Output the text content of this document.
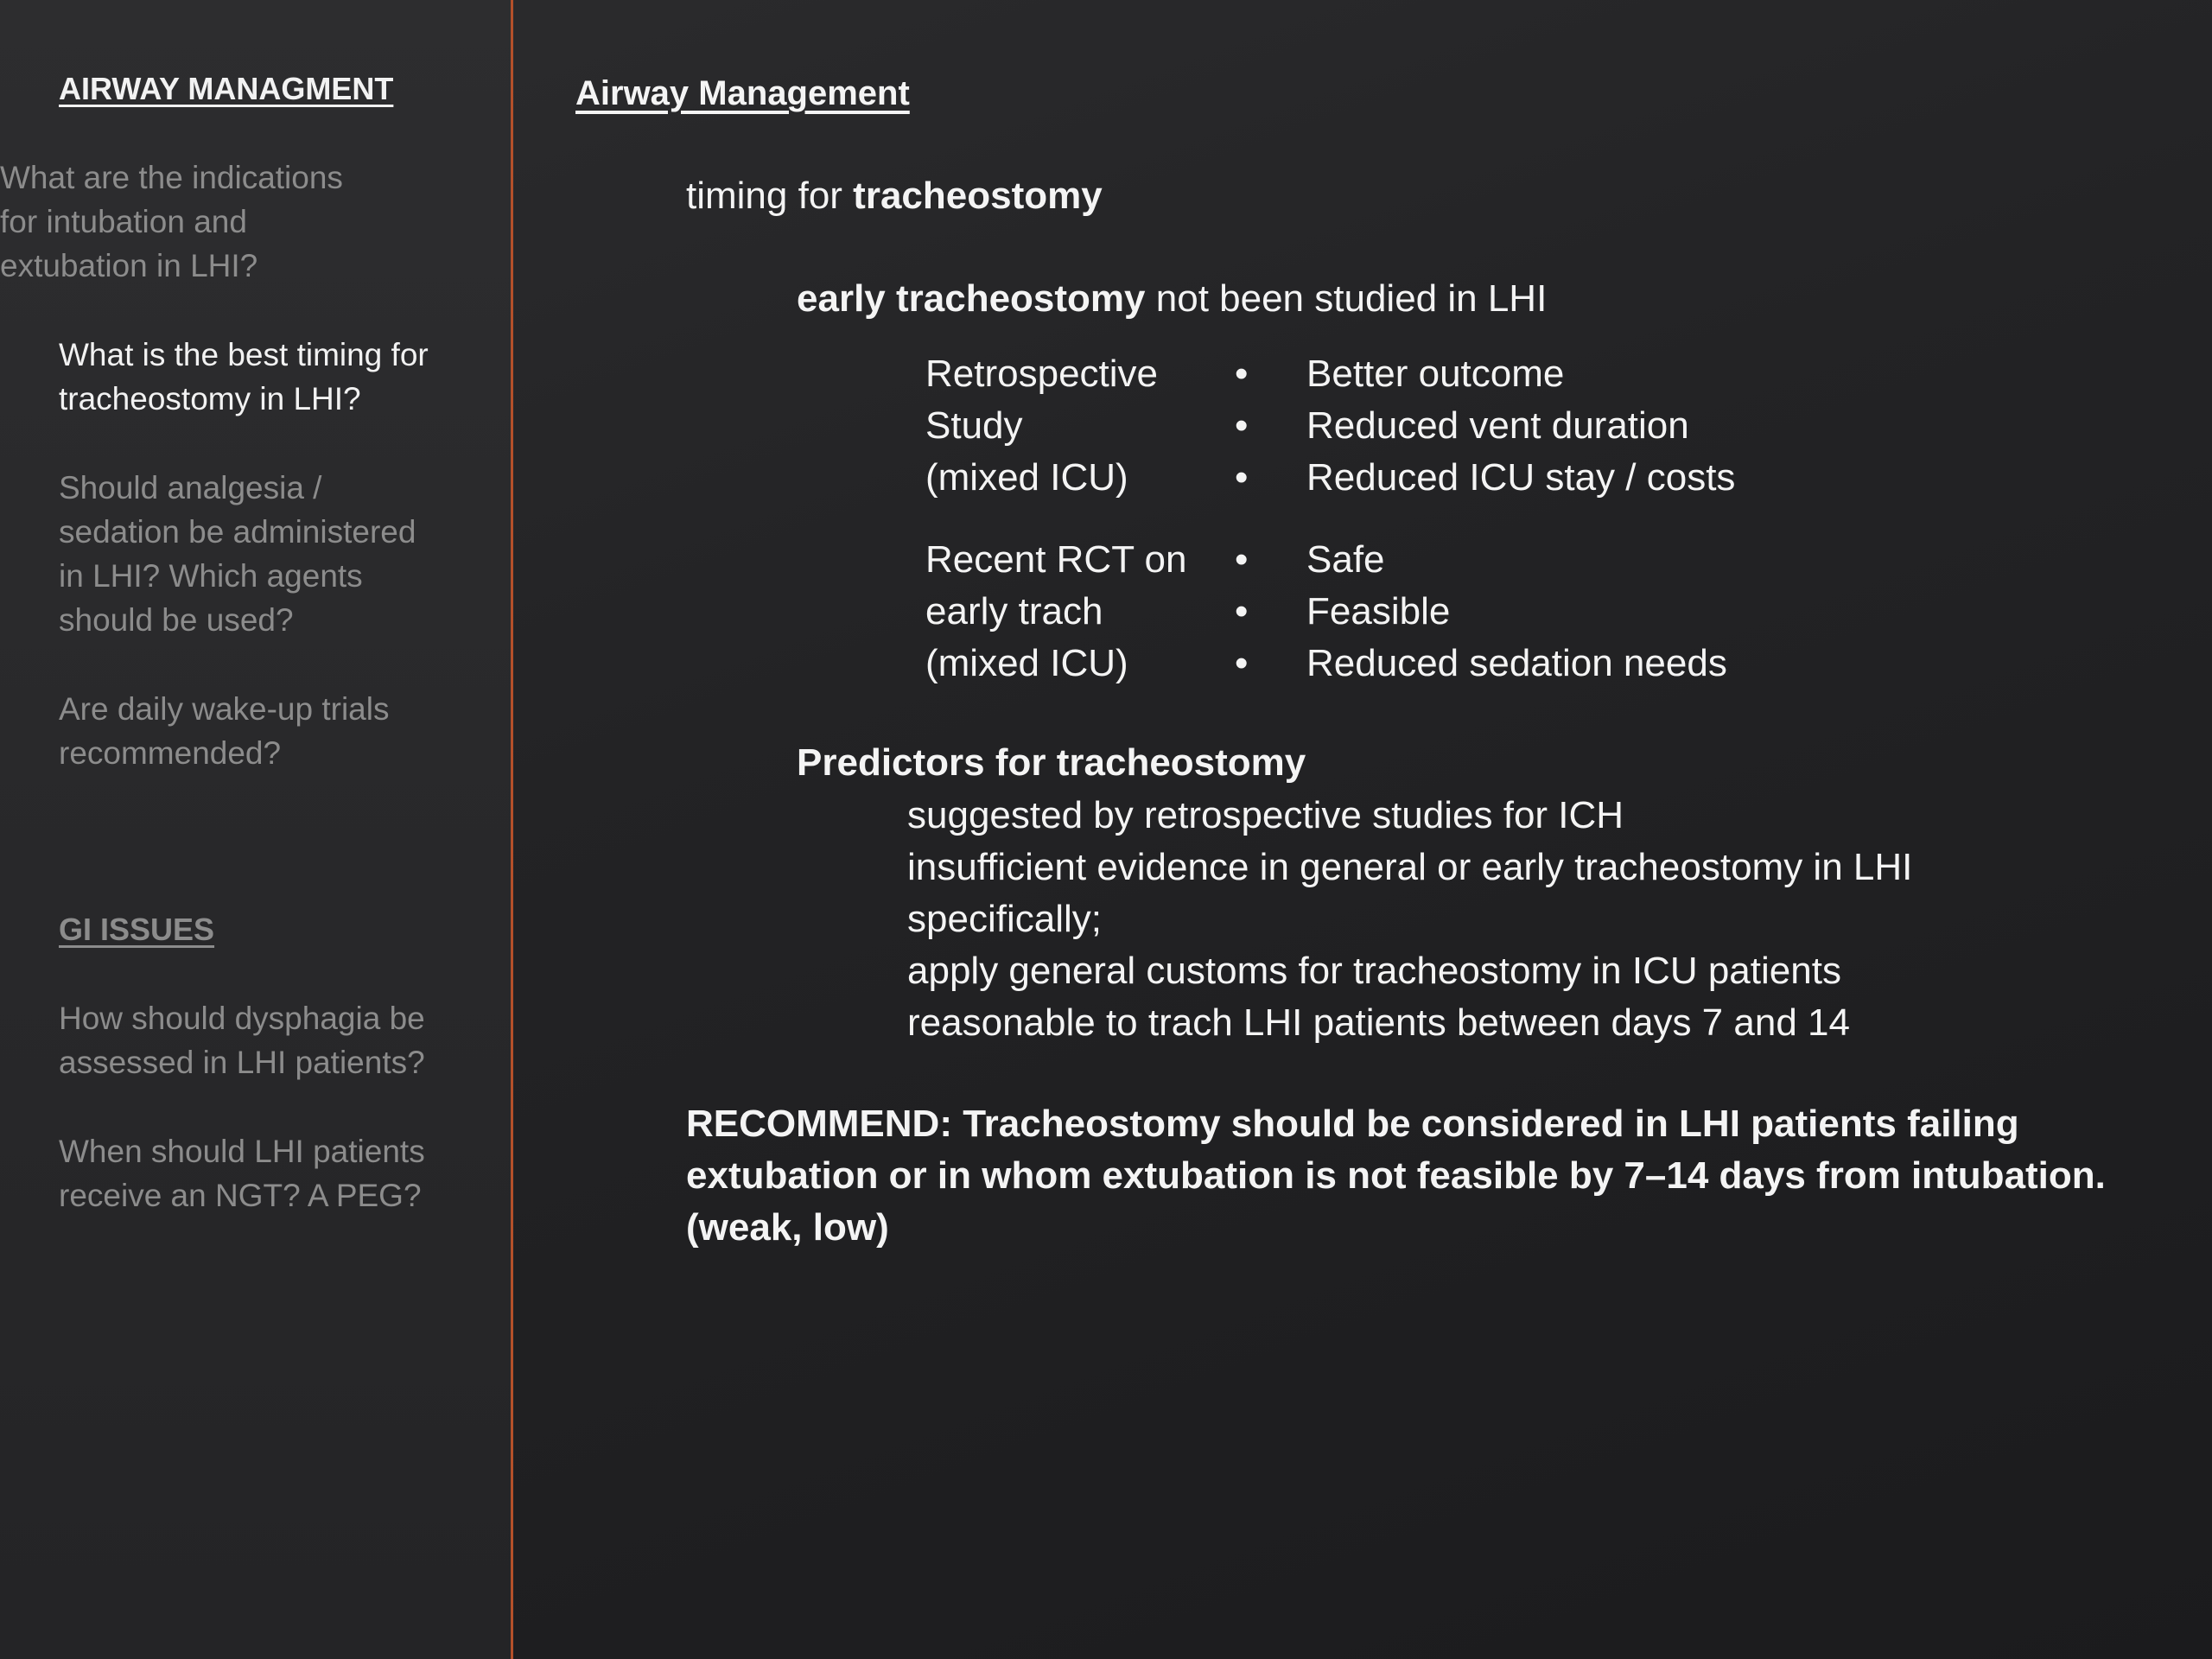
AIRWAY MANAGMENT
What are the indications
for intubation and
extubation in LHI?
What is the best timing for
tracheostomy in LHI?
Should analgesia /
sedation be administered
in LHI? Which agents
should be used?
Are daily wake-up trials
recommended?
GI ISSUES
How should dysphagia be
assessed in LHI patients?
When should LHI patients
receive an NGT? A PEG?
Airway Management
timing for tracheostomy
early tracheostomy not been studied in LHI
Retrospective
Study
(mixed ICU)
•
•
•
Better outcome
Reduced vent duration
Reduced ICU stay / costs
Recent RCT on
early trach
(mixed ICU)
•
•
•
Safe
Feasible
Reduced sedation needs
Predictors for tracheostomy
suggested by retrospective studies for ICH
insufficient evidence in general or early tracheostomy in LHI
specifically;
apply general customs for tracheostomy in ICU patients
reasonable to trach LHI patients between days 7 and 14
RECOMMEND: Tracheostomy should be considered in LHI patients failing
extubation or in whom extubation is not feasible by 7–14 days from intubation.
(weak, low)
